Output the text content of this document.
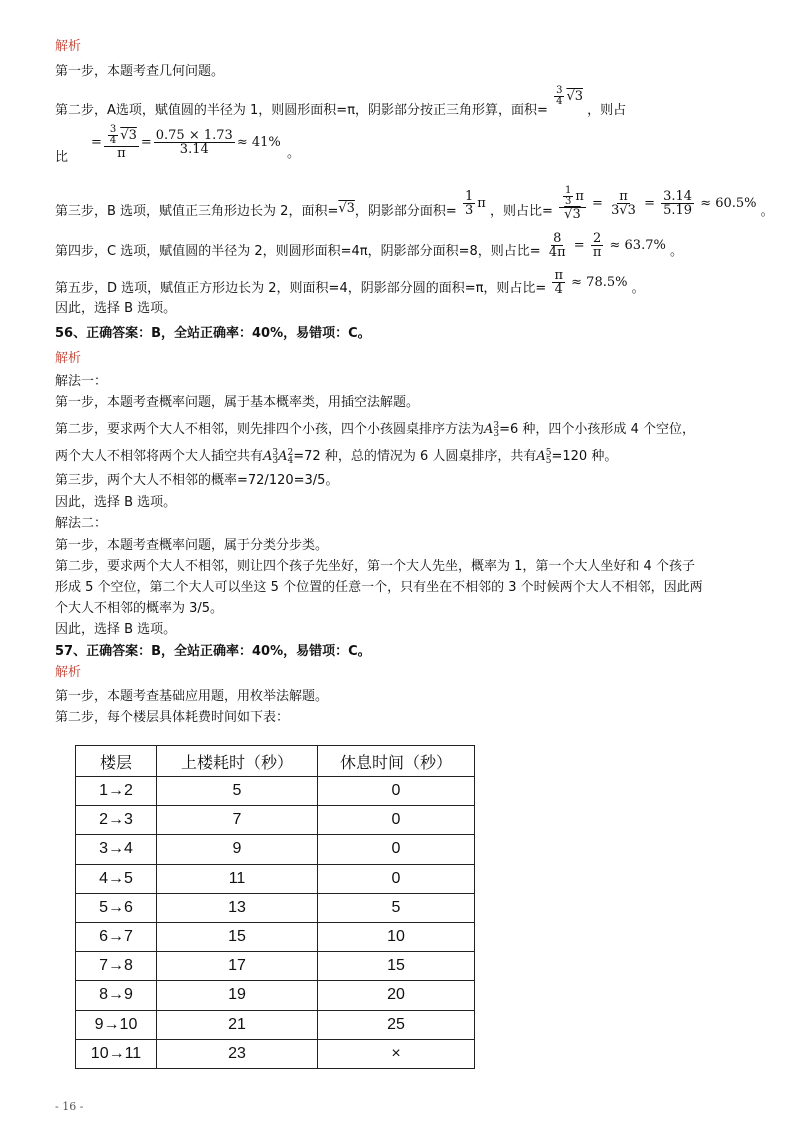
解析
第一步，本题考查几何问题。
第二步，A选项，赋值圆的半径为 1，则圆形面积=π，阴影部分按正三角形算，面积=
$\frac{3}{4} √3$ ，则占
比
= $\frac{\frac{3}{4} √3}{\pi} = \frac{0.75 \times 1.73}{3.14} \approx 41\%$
。
第三步，B 选项，赋值正三角形边长为 2，面积=√3，阴影部分面积= $\frac{1}{3}$ π ，则占比= $\frac{\frac{1}{3} \pi}{√3} = \frac{\pi}{3√3} = \frac{3.14}{5.19} \approx 60.5\%$ 。
第四步，C 选项，赋值圆的半径为 2，则圆形面积=4π，阴影部分面积=8，则占比= $\frac{8}{4\pi} = \frac{2}{\pi} \approx 63.7\%$ 。
第五步，D 选项，赋值正方形边长为 2，则面积=4，阴影部分圆的面积=π，则占比= $\frac{\pi}{4} \approx 78.5\%$ 。
因此，选择 B 选项。
56、正确答案：B，全站正确率：40%，易错项：C。
解析
解法一：
第一步，本题考查概率问题，属于基本概率类，用插空法解题。
第二步，要求两个大人不相邻，则先排四个小孩，四个小孩圆桌排序方法为A 3
3 =6 种，四个小孩形成 4 个空位，
两个大人不相邻将两个大人插空共有A 3
3 A 2
4 =72 种，总的情况为 6 人圆桌排序，共有A 5
5 =120 种。
第三步，两个大人不相邻的概率=72/120=3/5。
因此，选择 B 选项。
解法二：
第一步，本题考查概率问题，属于分类分步类。
第二步，要求两个大人不相邻，则让四个孩子先坐好，第一个大人先坐，概率为 1，第一个大人坐好和 4 个孩子
形成 5 个空位，第二个大人可以坐这 5 个位置的任意一个，只有坐在不相邻的 3 个时候两个大人不相邻，因此两
个大人不相邻的概率为 3/5。
因此，选择 B 选项。
57、正确答案：B，全站正确率：40%，易错项：C。
解析
第一步，本题考查基础应用题，用枚举法解题。
第二步，每个楼层具体耗费时间如下表：
楼层	上楼耗时（秒）	休息时间（秒）
1→2	5	0
2→3	7	0
3→4	9	0
4→5	11	0
5→6	13	5
6→7	15	10
7→8	17	15
8→9	19	20
9→10	21	25
10→11	23	×
- 16 -
